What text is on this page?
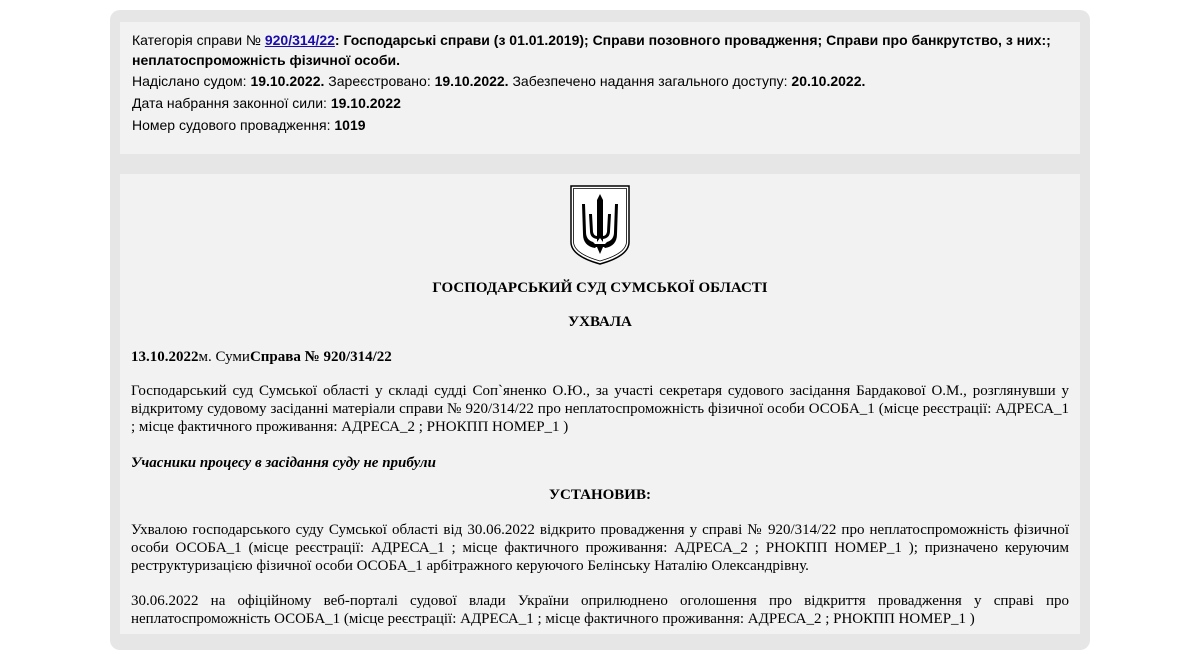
Категорія справи № 920/314/22: Господарські справи (з 01.01.2019); Справи позовного провадження; Справи про банкрутство, з них:; неплатоспроможність фізичної особи.

Надіслано судом: 19.10.2022. Зареєстровано: 19.10.2022. Забезпечено надання загального доступу: 20.10.2022.

Дата набрання законної сили: 19.10.2022

Номер судового провадження: 1019

ГОСПОДАРСЬКИЙ СУД СУМСЬКОЇ ОБЛАСТІ
УХВАЛА
13.10.2022м. СумиСправа № 920/314/22

Господарський суд Сумської області у складі судді Соп`яненко О.Ю., за участі секретаря судового засідання Бардакової О.М., розглянувши у відкритому судовому засіданні матеріали справи № 920/314/22 про неплатоспроможність фізичної особи ОСОБА_1 (місце реєстрації: АДРЕСА_1 ; місце фактичного проживання: АДРЕСА_2 ; РНОКПП НОМЕР_1 )

Учасники процесу в засідання суду не прибули
УСТАНОВИВ:

Ухвалою господарського суду Сумської області від 30.06.2022 відкрито провадження у справі № 920/314/22 про неплатоспроможність фізичної особи ОСОБА_1 (місце реєстрації: АДРЕСА_1 ; місце фактичного проживання: АДРЕСА_2 ; РНОКПП НОМЕР_1 ); призначено керуючим реструктуризацією фізичної особи ОСОБА_1 арбітражного керуючого Белінську Наталію Олександрівну.

30.06.2022 на офіційному веб-порталі судової влади України оприлюднено оголошення про відкриття провадження у справі про неплатоспроможність ОСОБА_1 (місце реєстрації: АДРЕСА_1 ; місце фактичного проживання: АДРЕСА_2 ; РНОКПП НОМЕР_1 )
